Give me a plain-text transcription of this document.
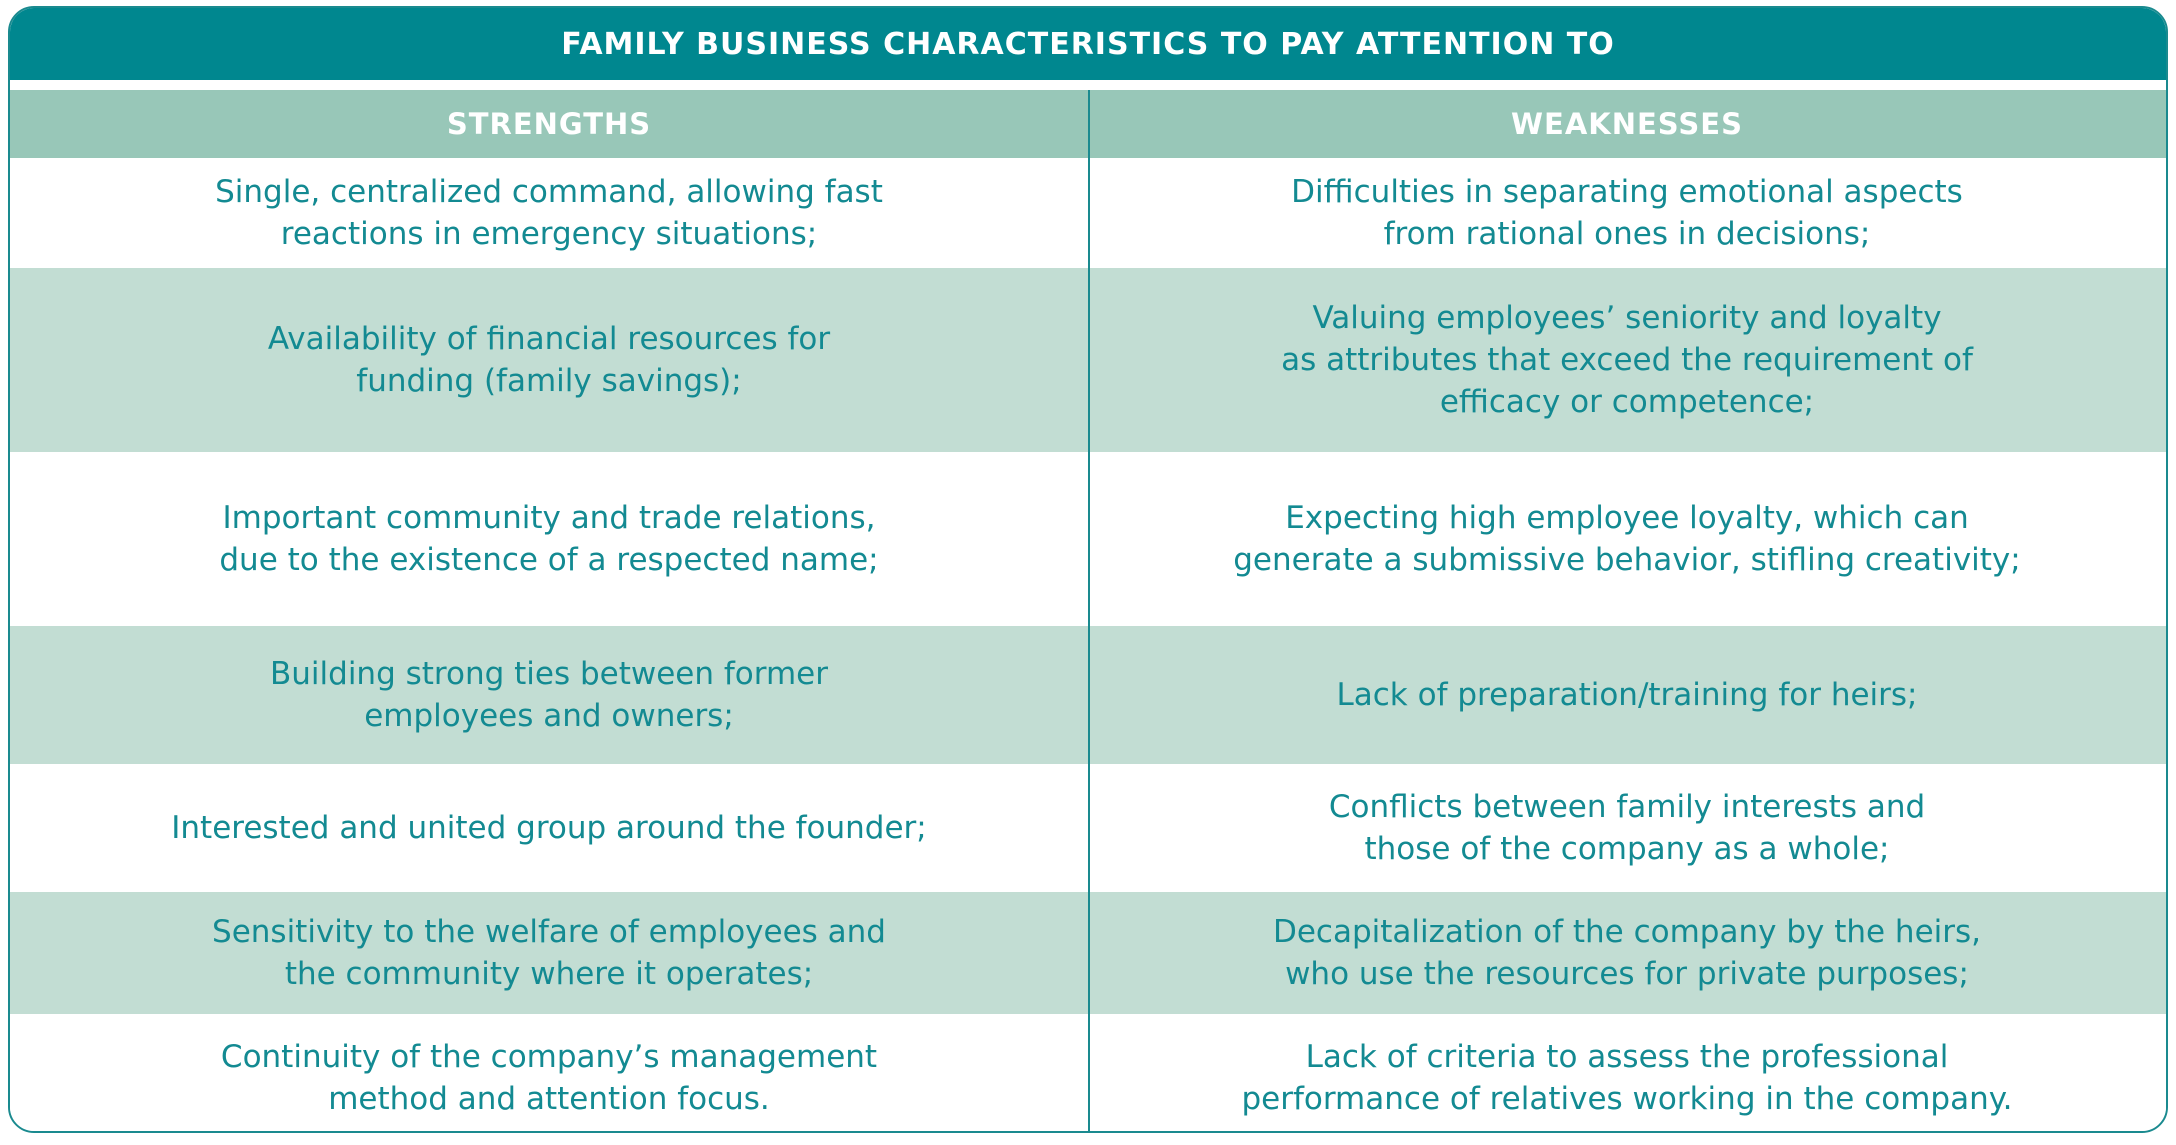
FAMILY BUSINESS CHARACTERISTICS TO PAY ATTENTION TO
STRENGTHS	WEAKNESSES
Single, centralized command, allowing fast
reactions in emergency situations;
Difficulties in separating emotional aspects
from rational ones in decisions;
Availability of financial resources for
funding (family savings);
Valuing employees’ seniority and loyalty
as attributes that exceed the requirement of
efficacy or competence;
Important community and trade relations,
due to the existence of a respected name;
Expecting high employee loyalty, which can
generate a submissive behavior, stifling creativity;
Building strong ties between former
employees and owners;
Lack of preparation/training for heirs;
Interested and united group around the founder;
Conflicts between family interests and
those of the company as a whole;
Sensitivity to the welfare of employees and
the community where it operates;
Decapitalization of the company by the heirs,
who use the resources for private purposes;
Continuity of the company’s management
method and attention focus.
Lack of criteria to assess the professional
performance of relatives working in the company.
